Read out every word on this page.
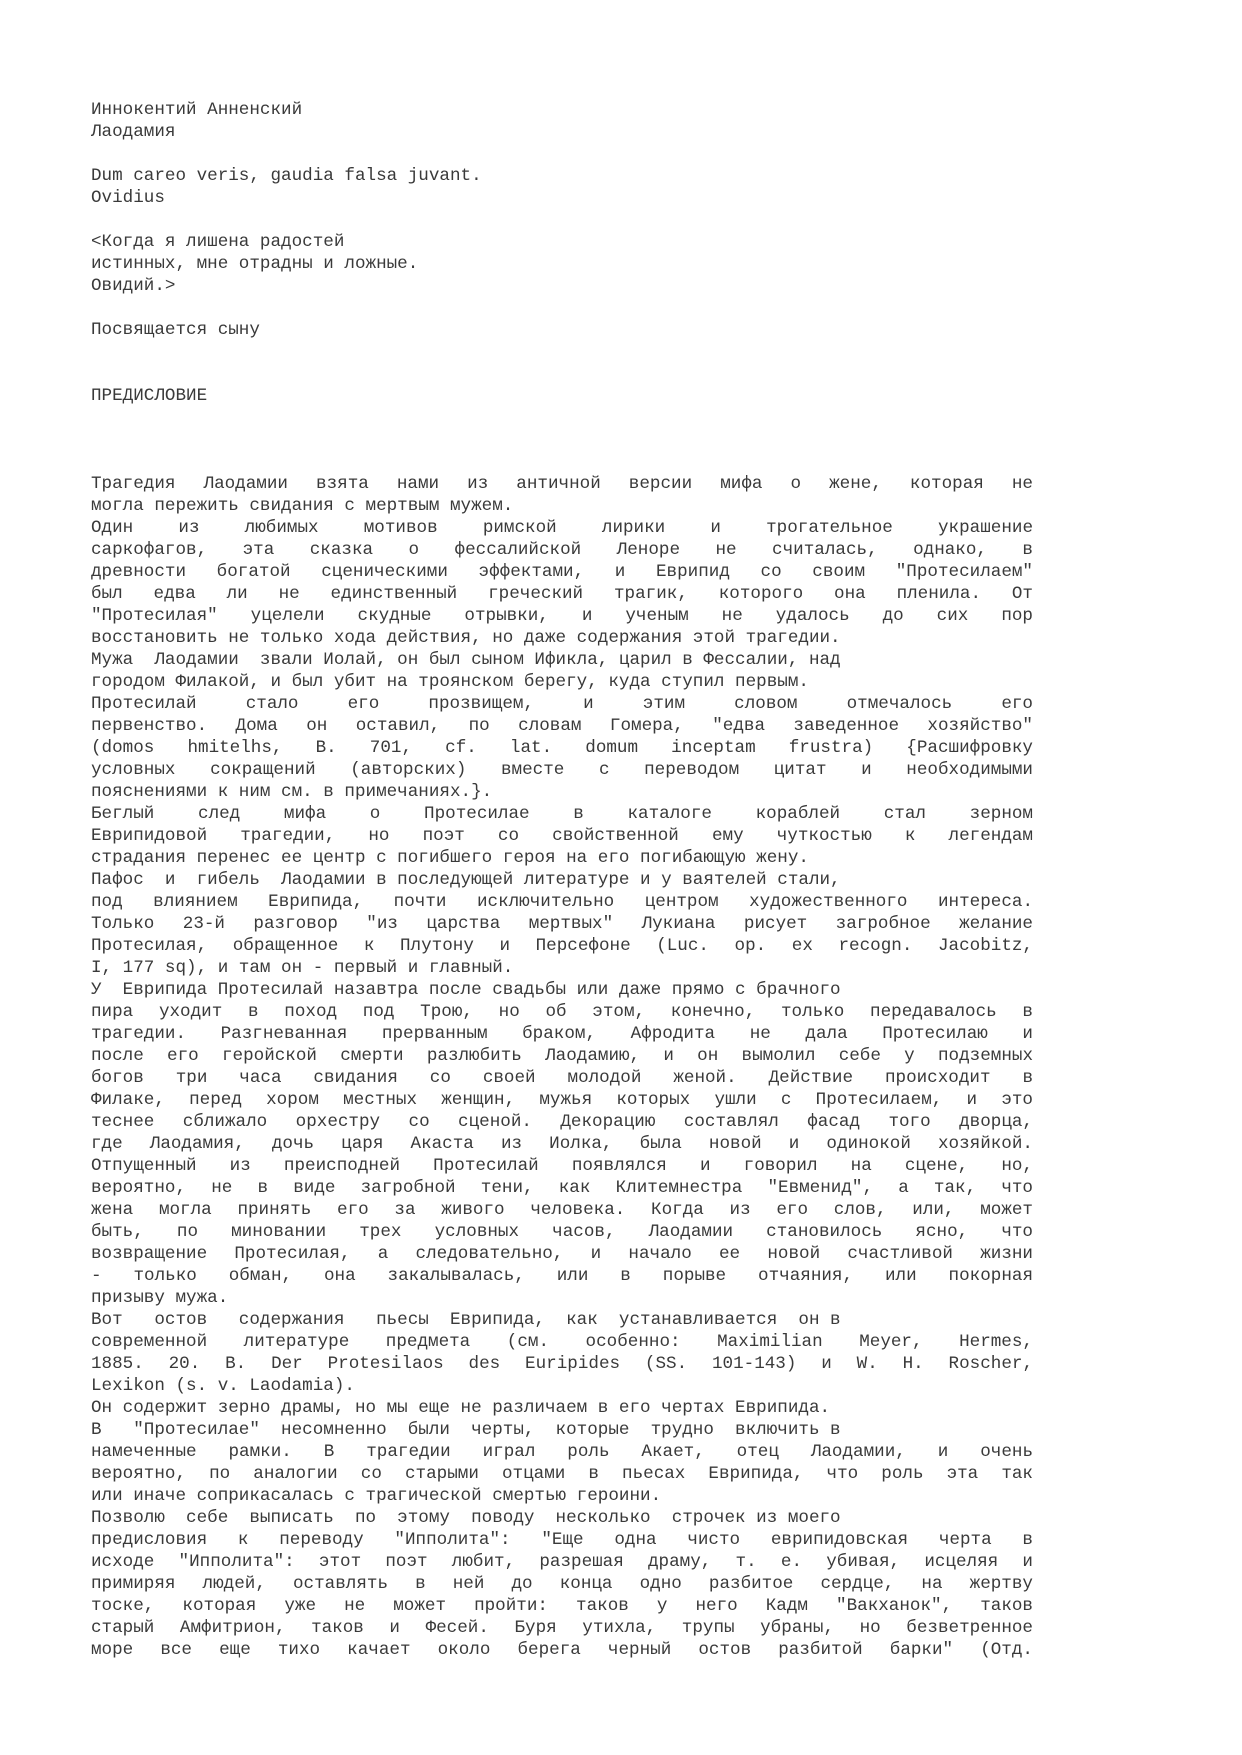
Иннокентий Анненский
Лаодамия
Dum careo veris, gaudia falsa juvant.
Ovidius
<Когда я лишена радостей
истинных, мне отрадны и ложные.
Овидий.>
Посвящается сыну
ПРЕДИСЛОВИЕ
Трагедия Лаодамии взята нами из античной версии мифа о жене, которая не
могла пережить свидания с мертвым мужем.
Один из любимых мотивов римской лирики и трогательное украшение
саркофагов, эта сказка о фессалийской Леноре не считалась, однако, в
древности богатой сценическими эффектами, и Еврипид со своим "Протесилаем"
был едва ли не единственный греческий трагик, которого она пленила. От
"Протесилая" уцелели скудные отрывки, и ученым не удалось до сих пор
восстановить не только хода действия, но даже содержания этой трагедии.
Мужа  Лаодамии  звали Иолай, он был сыном Ификла, царил в Фессалии, над
городом Филакой, и был убит на троянском берегу, куда ступил первым.
Протесилай стало его прозвищем, и этим словом отмечалось его
первенство. Дома он оставил, по словам Гомера, "едва заведенное хозяйство"
(domos hmitelhs, B. 701, cf. lat. domum inceptam frustra) {Расшифровку
условных сокращений (авторских) вместе с переводом цитат и необходимыми
пояснениями к ним см. в примечаниях.}.
Беглый след мифа о Протесилае в каталоге кораблей стал зерном
Еврипидовой трагедии, но поэт со свойственной ему чуткостью к легендам
страдания перенес ее центр с погибшего героя на его погибающую жену.
Пафос  и  гибель  Лаодамии в последующей литературе и у ваятелей стали,
под влиянием Еврипида, почти исключительно центром художественного интереса.
Только 23-й разговор "из царства мертвых" Лукиана рисует загробное желание
Протесилая, обращенное к Плутону и Персефоне (Luc. op. ex recogn. Jacobitz,
I, 177 sq), и там он - первый и главный.
У  Еврипида Протесилай назавтра после свадьбы или даже прямо с брачного
пира уходит в поход под Трою, но об этом, конечно, только передавалось в
трагедии. Разгневанная прерванным браком, Афродита не дала Протесилаю и
после его геройской смерти разлюбить Лаодамию, и он вымолил себе у подземных
богов три часа свидания со своей молодой женой. Действие происходит в
Филаке, перед хором местных женщин, мужья которых ушли с Протесилаем, и это
теснее сближало орхестру со сценой. Декорацию составлял фасад того дворца,
где Лаодамия, дочь царя Акаста из Иолка, была новой и одинокой хозяйкой.
Отпущенный из преисподней Протесилай появлялся и говорил на сцене, но,
вероятно, не в виде загробной тени, как Клитемнестра "Евменид", а так, что
жена могла принять его за живого человека. Когда из его слов, или, может
быть, по миновании трех условных часов, Лаодамии становилось ясно, что
возвращение Протесилая, а следовательно, и начало ее новой счастливой жизни
- только обман, она закалывалась, или в порыве отчаяния, или покорная
призыву мужа.
Вот   остов   содержания   пьесы  Еврипида,  как  устанавливается  он в
современной литературе предмета (см. особенно: Maximilian Meyer, Hermes,
1885. 20. B. Der Protesilaos des Euripides (SS. 101-143) и W. H. Roscher,
Lexikon (s. v. Laodamia).
Он содержит зерно драмы, но мы еще не различаем в его чертах Еврипида.
В   "Протесилае"  несомненно  были  черты,  которые  трудно  включить в
намеченные рамки. В трагедии играл роль Акает, отец Лаодамии, и очень
вероятно, по аналогии со старыми отцами в пьесах Еврипида, что роль эта так
или иначе соприкасалась с трагической смертью героини.
Позволю  себе  выписать  по  этому  поводу  несколько  строчек из моего
предисловия к переводу "Ипполита": "Еще одна чисто еврипидовская черта в
исходе "Ипполита": этот поэт любит, разрешая драму, т. е. убивая, исцеляя и
примиряя людей, оставлять в ней до конца одно разбитое сердце, на жертву
тоске, которая уже не может пройти: таков у него Кадм "Вакханок", таков
старый Амфитрион, таков и Фесей. Буря утихла, трупы убраны, но безветренное
море все еще тихо качает около берега черный остов разбитой барки" (Отд.
